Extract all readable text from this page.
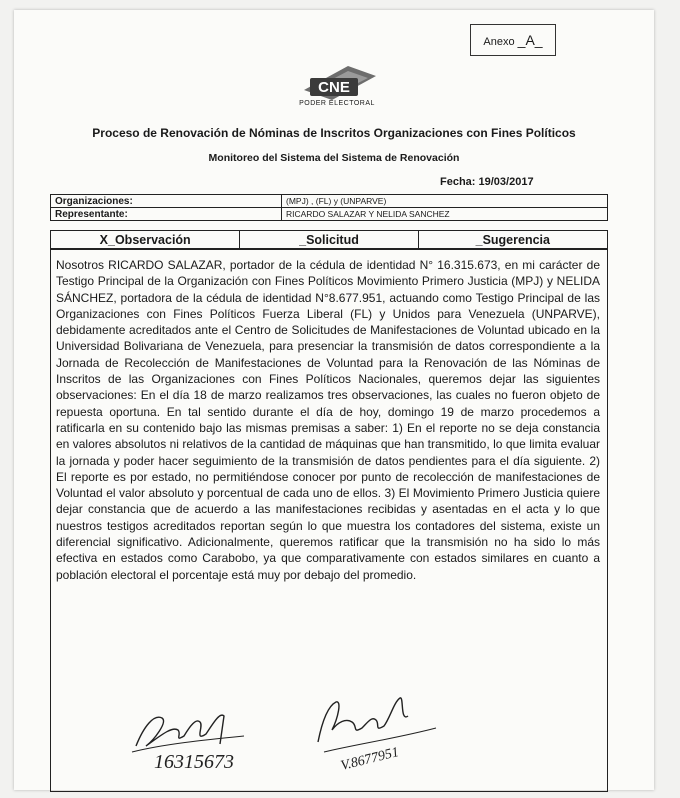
Anexo _A_
CNE
PODER ELECTORAL
Proceso de Renovación de Nóminas de Inscritos Organizaciones con Fines Políticos
Monitoreo del Sistema del Sistema de Renovación
Fecha: 19/03/2017
Organizaciones:	(MPJ) , (FL) y (UNPARVE)
Representante:	RICARDO SALAZAR Y NELIDA SANCHEZ
X_Observación	_Solicitud	_Sugerencia
Nosotros RICARDO SALAZAR, portador de la cédula de identidad N° 16.315.673, en mi carácter de Testigo Principal de la Organización con Fines Políticos Movimiento Primero Justicia (MPJ) y NELIDA SÁNCHEZ, portadora de la cédula de identidad N°8.677.951, actuando como Testigo Principal de las Organizaciones con Fines Políticos Fuerza Liberal (FL) y Unidos para Venezuela (UNPARVE), debidamente acreditados ante el Centro de Solicitudes de Manifestaciones de Voluntad ubicado en la Universidad Bolivariana de Venezuela, para presenciar la transmisión de datos correspondiente a la Jornada de Recolección de Manifestaciones de Voluntad para la Renovación de las Nóminas de Inscritos de las Organizaciones con Fines Políticos Nacionales, queremos dejar las siguientes observaciones: En el día 18 de marzo realizamos tres observaciones, las cuales no fueron objeto de repuesta oportuna. En tal sentido durante el día de hoy, domingo 19 de marzo procedemos a ratificarla en su contenido bajo las mismas premisas a saber: 1) En el reporte no se deja constancia en valores absolutos ni relativos de la cantidad de máquinas que han transmitido, lo que limita evaluar la jornada y poder hacer seguimiento de la transmisión de datos pendientes para el día siguiente. 2) El reporte es por estado, no permitiéndose conocer por punto de recolección de manifestaciones de Voluntad el valor absoluto y porcentual de cada uno de ellos. 3) El Movimiento Primero Justicia quiere dejar constancia que de acuerdo a las manifestaciones recibidas y asentadas en el acta y lo que nuestros testigos acreditados reportan según lo que muestra los contadores del sistema, existe un diferencial significativo. Adicionalmente, queremos ratificar que la transmisión no ha sido lo más efectiva en estados como Carabobo, ya que comparativamente con estados similares en cuanto a población electoral el porcentaje está muy por debajo del promedio.
16315673	V.8677951
